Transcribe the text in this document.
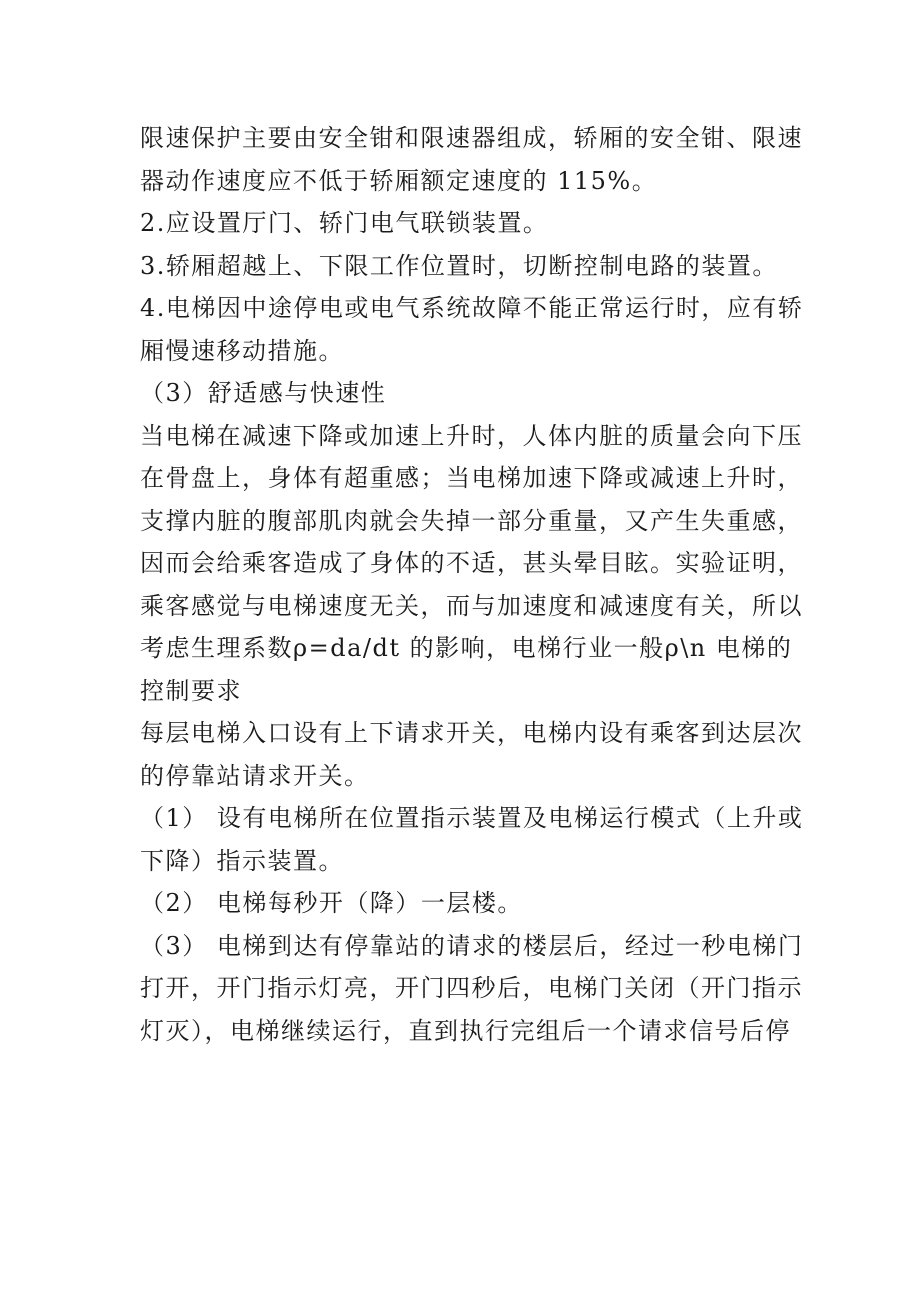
限速保护主要由安全钳和限速器组成，轿厢的安全钳、限速
器动作速度应不低于轿厢额定速度的 115%。
2.应设置厅门、轿门电气联锁装置。
3.轿厢超越上、下限工作位置时，切断控制电路的装置。
4.电梯因中途停电或电气系统故障不能正常运行时，应有轿
厢慢速移动措施。
（3）舒适感与快速性
当电梯在减速下降或加速上升时，人体内脏的质量会向下压
在骨盘上，身体有超重感；当电梯加速下降或减速上升时，
支撑内脏的腹部肌肉就会失掉一部分重量，又产生失重感，
因而会给乘客造成了身体的不适，甚头晕目眩。实验证明，
乘客感觉与电梯速度无关，而与加速度和减速度有关，所以
考虑生理系数ρ=da/dt 的影响，电梯行业一般ρ\n 电梯的
控制要求
每层电梯入口设有上下请求开关，电梯内设有乘客到达层次
的停靠站请求开关。
（1） 设有电梯所在位置指示装置及电梯运行模式（上升或
下降）指示装置。
（2） 电梯每秒开（降）一层楼。
（3） 电梯到达有停靠站的请求的楼层后，经过一秒电梯门
打开，开门指示灯亮，开门四秒后，电梯门关闭（开门指示
灯灭），电梯继续运行，直到执行完组后一个请求信号后停
